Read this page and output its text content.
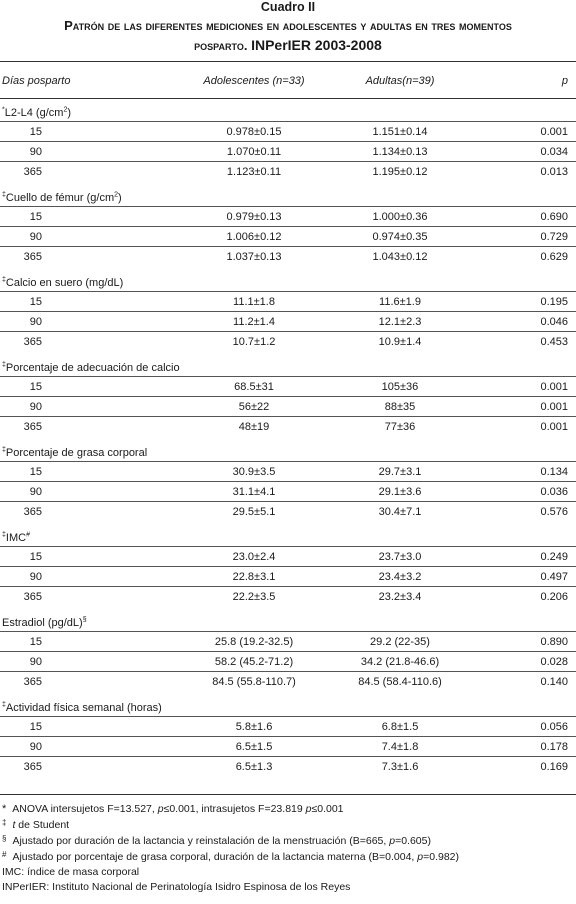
Cuadro II
Patrón de las diferentes mediciones en adolescentes y adultas en tres momentos
posparto. INPerIER 2003-2008
Días posparto	Adolescentes (n=33)	Adultas(n=39)	p
*L2-L4 $(g/cm^2)$
15	0.978±0.15	1.151±0.14	0.001
90	1.070±0.11	1.134±0.13	0.034
365	1.123±0.11	1.195±0.12	0.013
‡Cuello de fémur $(g/cm^2)$
15	0.979±0.13	1.000±0.36	0.690
90	1.006±0.12	0.974±0.35	0.729
365	1.037±0.13	1.043±0.12	0.629
‡Calcio en suero (mg/dL)
15	11.1±1.8	11.6±1.9	0.195
90	11.2±1.4	12.1±2.3	0.046
365	10.7±1.2	10.9±1.4	0.453
‡Porcentaje de adecuación de calcio
15	68.5±31	105±36	0.001
90	56±22	88±35	0.001
365	48±19	77±36	0.001
‡Porcentaje de grasa corporal
15	30.9±3.5	29.7±3.1	0.134
90	31.1±4.1	29.1±3.6	0.036
365	29.5±5.1	30.4±7.1	0.576
‡IMC#
15	23.0±2.4	23.7±3.0	0.249
90	22.8±3.1	23.4±3.2	0.497
365	22.2±3.5	23.2±3.4	0.206
Estradiol (pg/dL)§
15	25.8 (19.2-32.5)	29.2 (22-35)	0.890
90	58.2 (45.2-71.2)	34.2 (21.8-46.6)	0.028
365	84.5 (55.8-110.7)	84.5 (58.4-110.6)	0.140
‡Actividad física semanal (horas)
15	5.8±1.6	6.8±1.5	0.056
90	6.5±1.5	7.4±1.8	0.178
365	6.5±1.3	7.3±1.6	0.169
* ANOVA intersujetos F=13.527, p≤0.001, intrasujetos F=23.819 p≤0.001
‡ t de Student
§ Ajustado por duración de la lactancia y reinstalación de la menstruación (B=665, p=0.605)
# Ajustado por porcentaje de grasa corporal, duración de la lactancia materna (B=0.004, p=0.982)
IMC: índice de masa corporal
INPerIER: Instituto Nacional de Perinatología Isidro Espinosa de los Reyes
